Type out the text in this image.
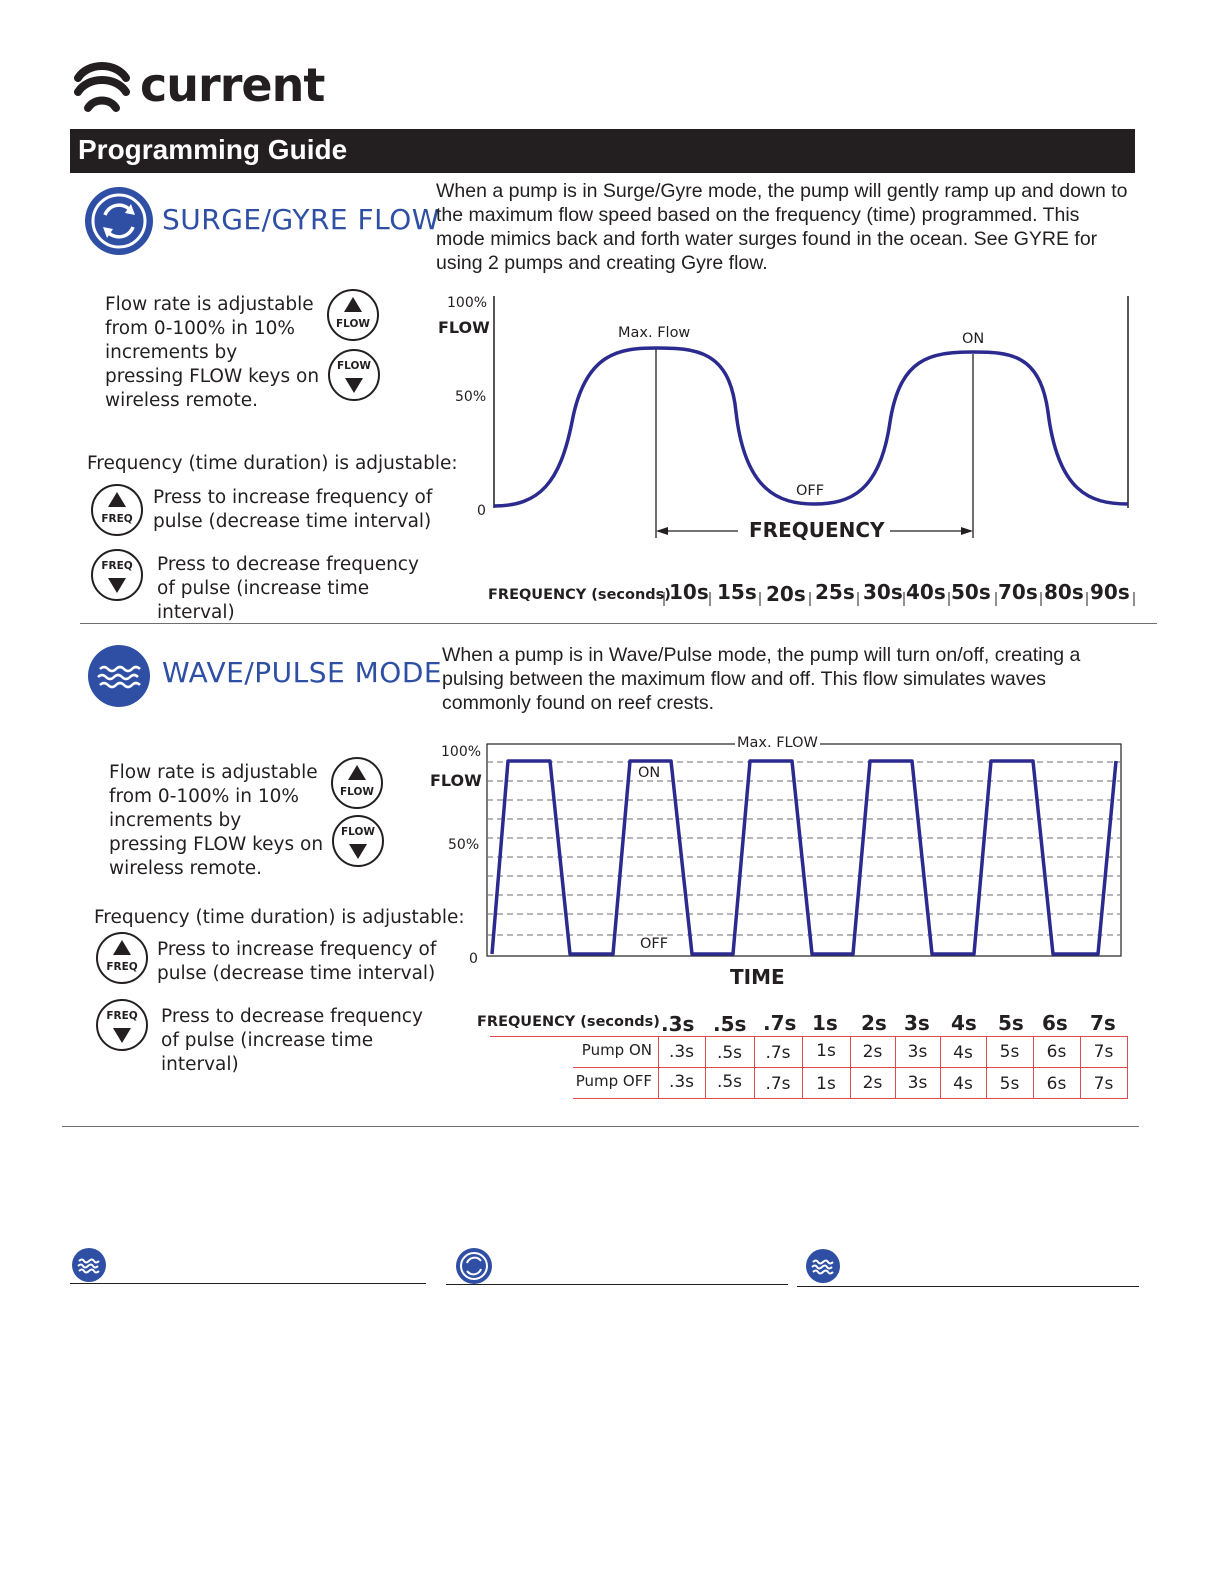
current
Programming Guide
SURGE/GYRE FLOW
When a pump is in Surge/Gyre mode, the pump will gently ramp up and down to the maximum flow speed based on the frequency (time) programmed. This mode mimics back and forth water surges found in the ocean. See GYRE for using 2 pumps and creating Gyre flow.
Flow rate is adjustable from 0-100% in 10% increments by pressing FLOW keys on wireless remote.
FLOW
FLOW
Frequency (time duration) is adjustable:
FREQ
Press to increase frequency of pulse (decrease time interval)
FREQ	Press to decrease frequency of pulse (increase time interval)
100%
FLOW
50%
0
Max. Flow	ON
OFF
FREQUENCY
FREQUENCY (seconds)
10s 15s 20s 25s 30s 40s 50s 70s 80s 90s
WAVE/PULSE MODE
When a pump is in Wave/Pulse mode, the pump will turn on/off, creating a pulsing between the maximum flow and off. This flow simulates waves commonly found on reef crests.
Flow rate is adjustable from 0-100% in 10% increments by pressing FLOW keys on wireless remote.
FLOW
FLOW
Frequency (time duration) is adjustable:
FREQ
Press to increase frequency of pulse (decrease time interval)
FREQ	Press to decrease frequency of pulse (increase time interval)
100%
FLOW
50%
0
Max. FLOW
ON
OFF
TIME
FREQUENCY (seconds) .3s .5s .7s 1s 2s 3s 4s 5s 6s 7s
Pump ON .3s	.5s	.7s	1s	2s	3s	4s	5s	6s	7s
Pump OFF .3s	.5s	.7s	1s	2s	3s	4s	5s	6s	7s
